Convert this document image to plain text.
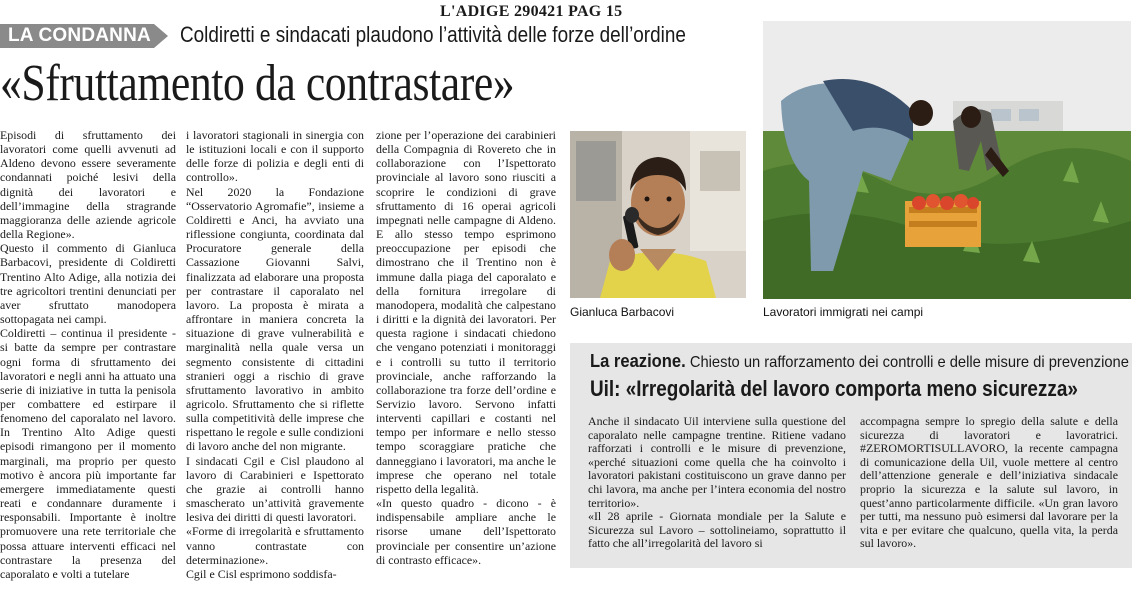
L'ADIGE 290421 PAG 15
LA CONDANNA Coldiretti e sindacati plaudono l’attività delle forze dell’ordine
«Sfruttamento da contrastare»

Episodi di sfruttamento dei lavoratori come quelli avvenuti ad Aldeno devono essere severamente condannati poiché lesivi della dignità dei lavoratori e dell’immagine della stragrande maggioranza delle aziende agricole della Regione».

Questo il commento di Gianluca Barbacovi, presidente di Coldiretti Trentino Alto Adige, alla notizia dei tre agricoltori trentini denunciati per aver sfruttato manodopera sottopagata nei campi.

Coldiretti – continua il presidente - si batte da sempre per contrastare ogni forma di sfruttamento dei lavoratori e negli anni ha attuato una serie di iniziative in tutta la penisola per combattere ed estirpare il fenomeno del caporalato nel lavoro. In Trentino Alto Adige questi episodi rimangono per il momento marginali, ma proprio per questo motivo è ancora più importante far emergere immediatamente questi reati e condannare duramente i responsabili. Importante è inoltre promuovere una rete territoriale che possa attuare interventi efficaci nel contrastare la presenza del caporalato e volti a tutelare

i lavoratori stagionali in sinergia con le istituzioni locali e con il supporto delle forze di polizia e degli enti di controllo».

Nel 2020 la Fondazione “Osservatorio Agromafie”, insieme a Coldiretti e Anci, ha avviato una riflessione congiunta, coordinata dal Procuratore generale della Cassazione Giovanni Salvi, finalizzata ad elaborare una proposta per contrastare il caporalato nel lavoro. La proposta è mirata a affrontare in maniera concreta la situazione di grave vulnerabilità e marginalità nella quale versa un segmento consistente di cittadini stranieri oggi a rischio di grave sfruttamento lavorativo in ambito agricolo. Sfruttamento che si riflette sulla competitività delle imprese che rispettano le regole e sulle condizioni di lavoro anche del non migrante.

I sindacati Cgil e Cisl plaudono al lavoro di Carabinieri e Ispettorato che grazie ai controlli hanno smascherato un’attività gravemente lesiva dei diritti di questi lavoratori.

«Forme di irregolarità e sfruttamento vanno contrastate con determinazione».

Cgil e Cisl esprimono soddisfa-

zione per l’operazione dei carabinieri della Compagnia di Rovereto che in collaborazione con l’Ispettorato provinciale al lavoro sono riusciti a scoprire le condizioni di grave sfruttamento di 16 operai agricoli impegnati nelle campagne di Aldeno. E allo stesso tempo esprimono preoccupazione per episodi che dimostrano che il Trentino non è immune dalla piaga del caporalato e della fornitura irregolare di manodopera, modalità che calpestano i diritti e la dignità dei lavoratori. Per questa ragione i sindacati chiedono che vengano potenziati i monitoraggi e i controlli su tutto il territorio provinciale, anche rafforzando la collaborazione tra forze dell’ordine e Servizio lavoro. Servono infatti interventi capillari e costanti nel tempo per informare e nello stesso tempo scoraggiare pratiche che danneggiano i lavoratori, ma anche le imprese che operano nel totale rispetto della legalità.

«In questo quadro - dicono - è indispensabile ampliare anche le risorse umane dell’Ispettorato provinciale per consentire un’azione di contrasto efficace».

Gianluca Barbacovi	Lavoratori immigrati nei campi
La reazione. Chiesto un rafforzamento dei controlli e delle misure di prevenzione
Uil: «Irregolarità del lavoro comporta meno sicurezza»

Anche il sindacato Uil interviene sulla questione del caporalato nelle campagne trentine. Ritiene vadano rafforzati i controlli e le misure di prevenzione, «perché situazioni come quella che ha coinvolto i lavoratori pakistani costituiscono un grave danno per chi lavora, ma anche per l’intera economia del nostro territorio».

«Il 28 aprile - Giornata mondiale per la Salute e Sicurezza sul Lavoro – sottolineiamo, soprattutto il fatto che all’irregolarità del lavoro si

accompagna sempre lo spregio della salute e della sicurezza di lavoratori e lavoratrici. #ZEROMORTISULLAVORO, la recente campagna di comunicazione della Uil, vuole mettere al centro dell’attenzione generale e dell’iniziativa sindacale proprio la sicurezza e la salute sul lavoro, in quest’anno particolarmente difficile. «Un gran lavoro per tutti, ma nessuno può esimersi dal lavorare per la vita e per evitare che qualcuno, quella vita, la perda sul lavoro».
